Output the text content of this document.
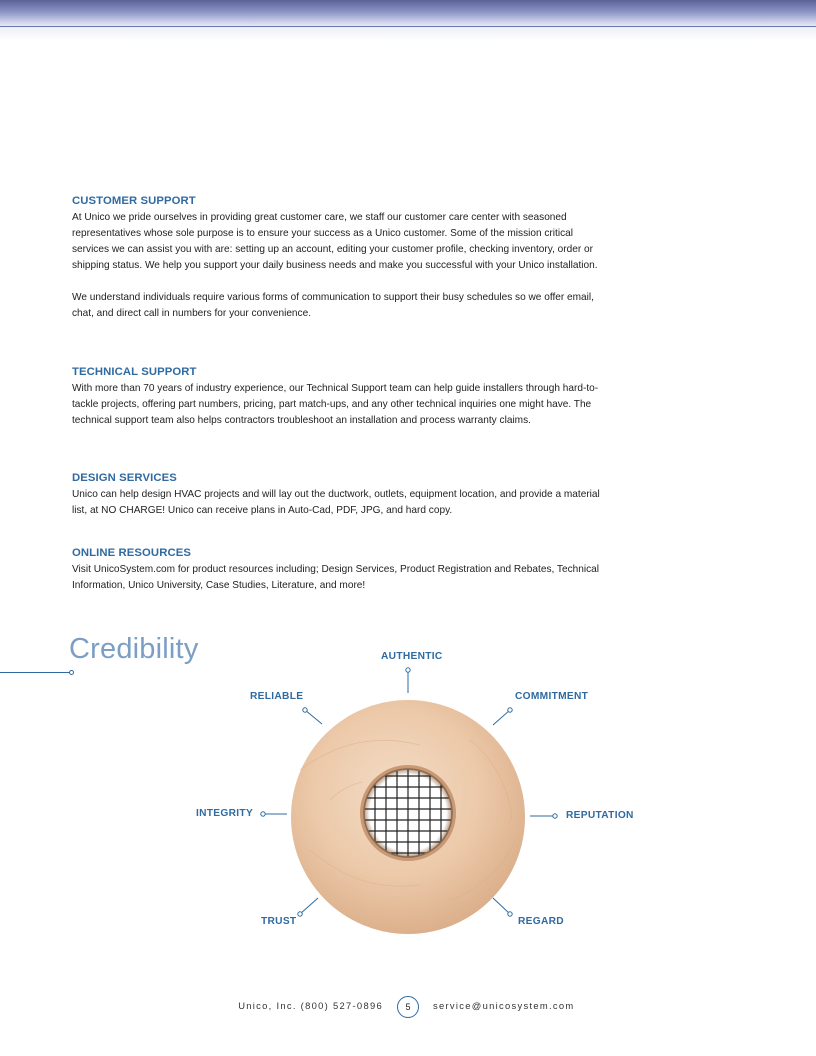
CUSTOMER SUPPORT

At Unico we pride ourselves in providing great customer care, we staff our customer care center with seasoned representatives whose sole purpose is to ensure your success as a Unico customer. Some of the mission critical services we can assist you with are: setting up an account, editing your customer profile, checking inventory, order or shipping status. We help you support your daily business needs and make you successful with your Unico installation.

We understand individuals require various forms of communication to support their busy schedules so we offer email, chat, and direct call in numbers for your convenience.

TECHNICAL SUPPORT

With more than 70 years of industry experience, our Technical Support team can help guide installers through hard-to-tackle projects, offering part numbers, pricing, part match-ups, and any other technical inquiries one might have. The technical support team also helps contractors troubleshoot an installation and process warranty claims.

DESIGN SERVICES

Unico can help design HVAC projects and will lay out the ductwork, outlets, equipment location, and provide a material list, at NO CHARGE! Unico can receive plans in Auto-Cad, PDF, JPG, and hard copy.

ONLINE RESOURCES

Visit UnicoSystem.com for product resources including; Design Services, Product Registration and Rebates, Technical Information, Unico University, Case Studies, Literature, and more!

Credibility	AUTHENTIC
RELIABLE	COMMITMENT
INTEGRITY	REPUTATION
TRUST	REGARD
Unico, Inc. (800) 527-0896	5	service@unicosystem.com
